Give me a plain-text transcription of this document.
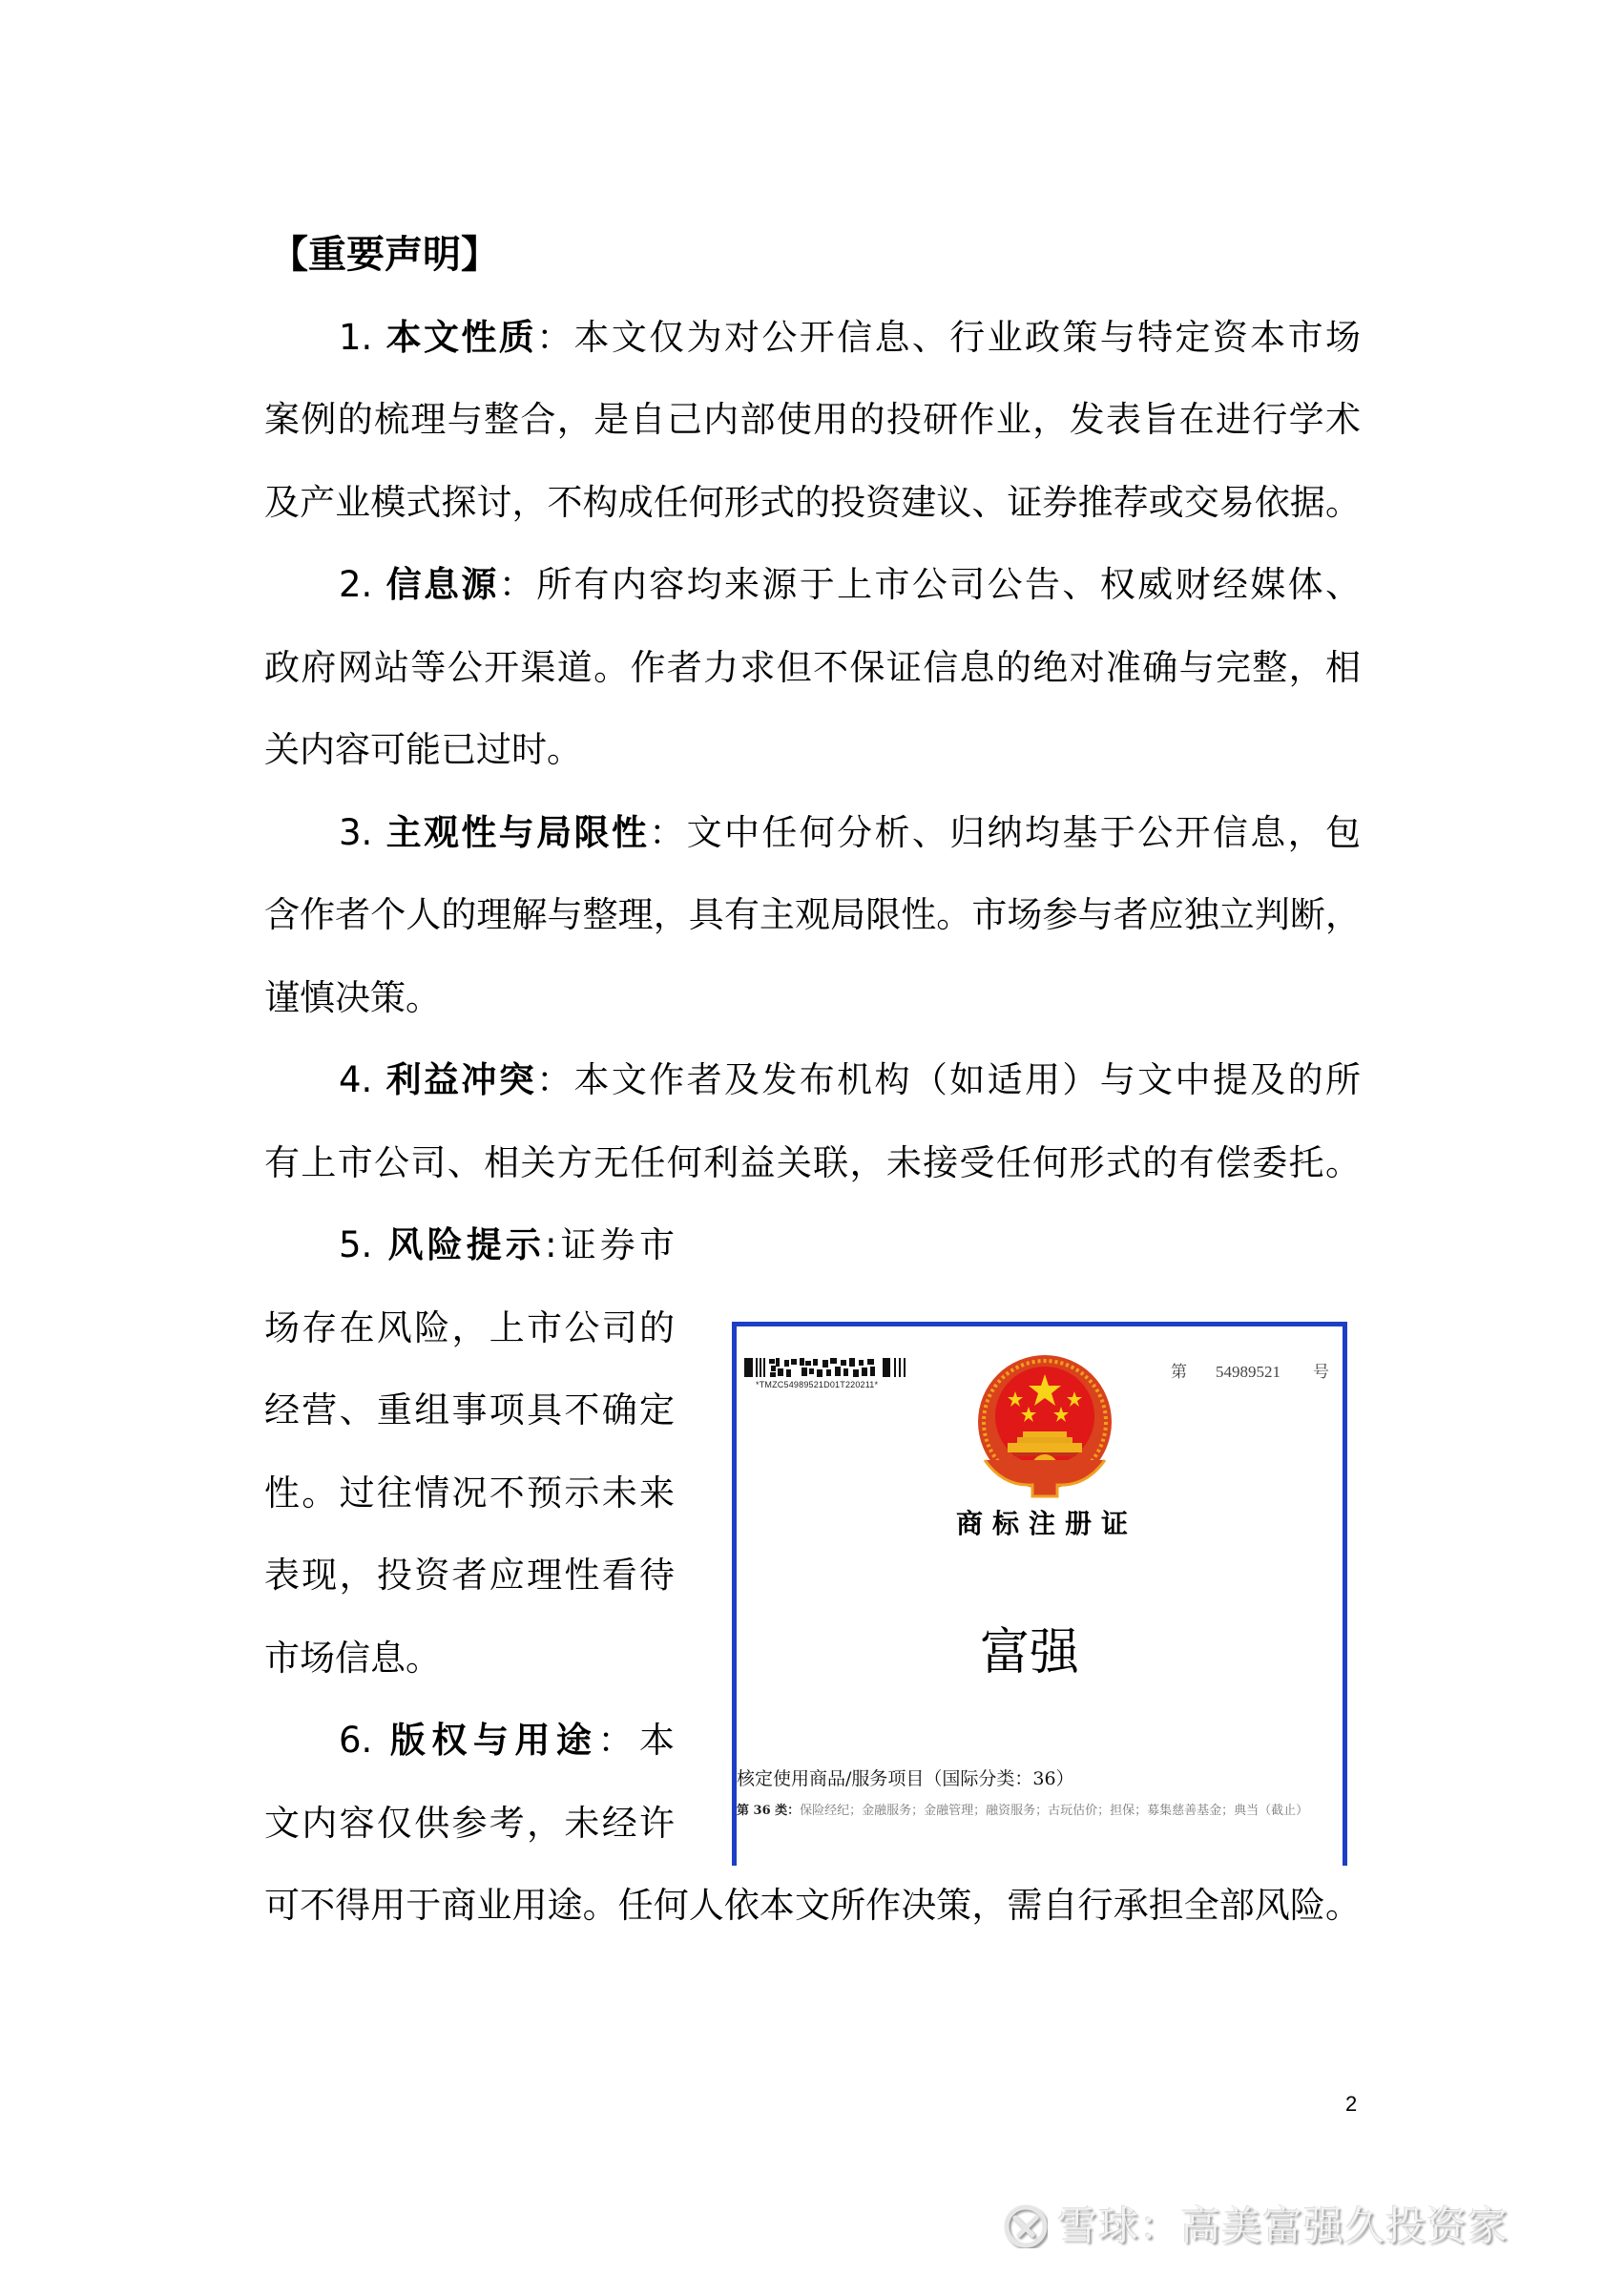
【重要声明】
1. 本文性质：本文仅为对公开信息、行业政策与特定资本市场
案例的梳理与整合，是自己内部使用的投研作业，发表旨在进行学术
及产业模式探讨，不构成任何形式的投资建议、证券推荐或交易依据。
2. 信息源：所有内容均来源于上市公司公告、权威财经媒体、
政府网站等公开渠道。作者力求但不保证信息的绝对准确与完整，相
关内容可能已过时。
3. 主观性与局限性：文中任何分析、归纳均基于公开信息，包
含作者个人的理解与整理，具有主观局限性。市场参与者应独立判断，
谨慎决策。
4. 利益冲突：本文作者及发布机构（如适用）与文中提及的所
有上市公司、相关方无任何利益关联，未接受任何形式的有偿委托。
5. 风险提示:证券市
场存在风险，上市公司的
经营、重组事项具不确定
性。过往情况不预示未来
表现，投资者应理性看待
市场信息。
6. 版权与用途：本
文内容仅供参考，未经许
可不得用于商业用途。任何人依本文所作决策，需自行承担全部风险。
*TMZC54989521D01T220211*
第 54989521 号
商标注册证
富强
核定使用商品/服务项目（国际分类：36）
第 36 类：保险经纪；金融服务；金融管理；融资服务；古玩估价；担保；募集慈善基金；典当（截止）
2
雪球：高美富强久投资家
